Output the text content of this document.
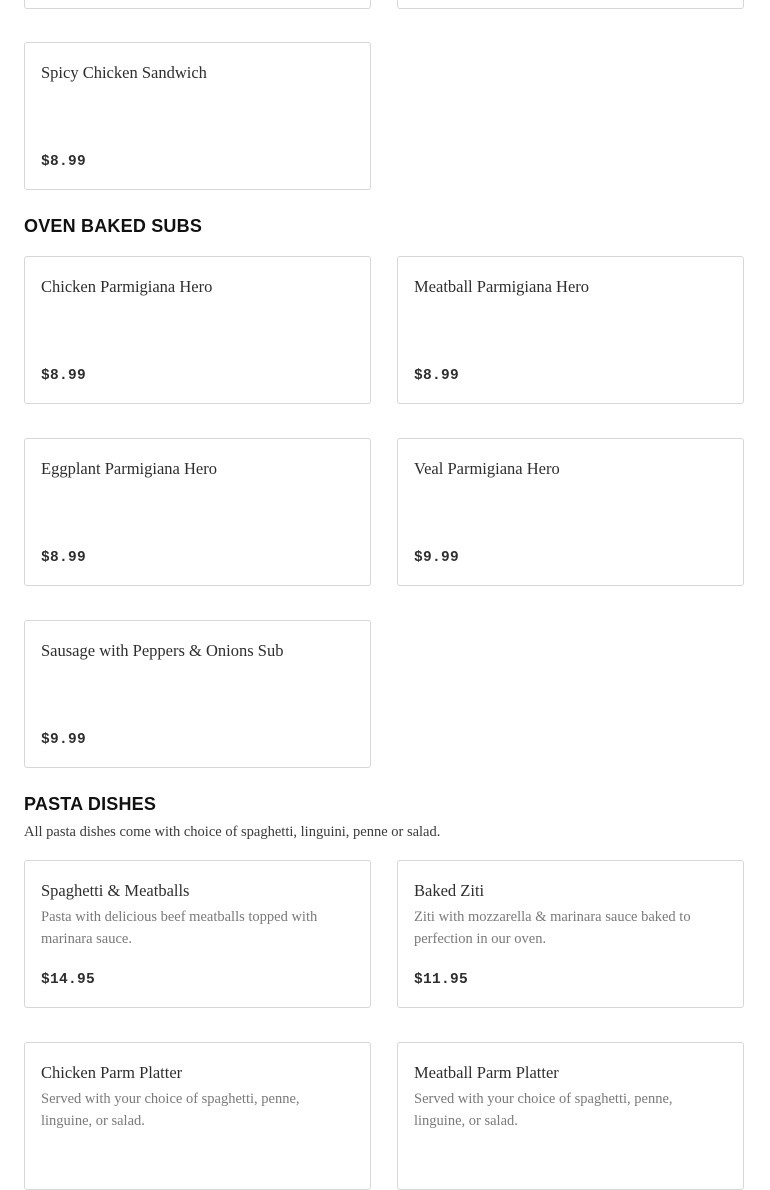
Spicy Chicken Sandwich
$8.99
OVEN BAKED SUBS
Chicken Parmigiana Hero
$8.99
Meatball Parmigiana Hero
$8.99
Eggplant Parmigiana Hero
$8.99
Veal Parmigiana Hero
$9.99
Sausage with Peppers & Onions Sub
$9.99
PASTA DISHES
All pasta dishes come with choice of spaghetti, linguini, penne or salad.
Spaghetti & Meatballs
Pasta with delicious beef meatballs topped with marinara sauce.
$14.95
Baked Ziti
Ziti with mozzarella & marinara sauce baked to perfection in our oven.
$11.95
Chicken Parm Platter
Served with your choice of spaghetti, penne, linguine, or salad.
Meatball Parm Platter
Served with your choice of spaghetti, penne, linguine, or salad.
